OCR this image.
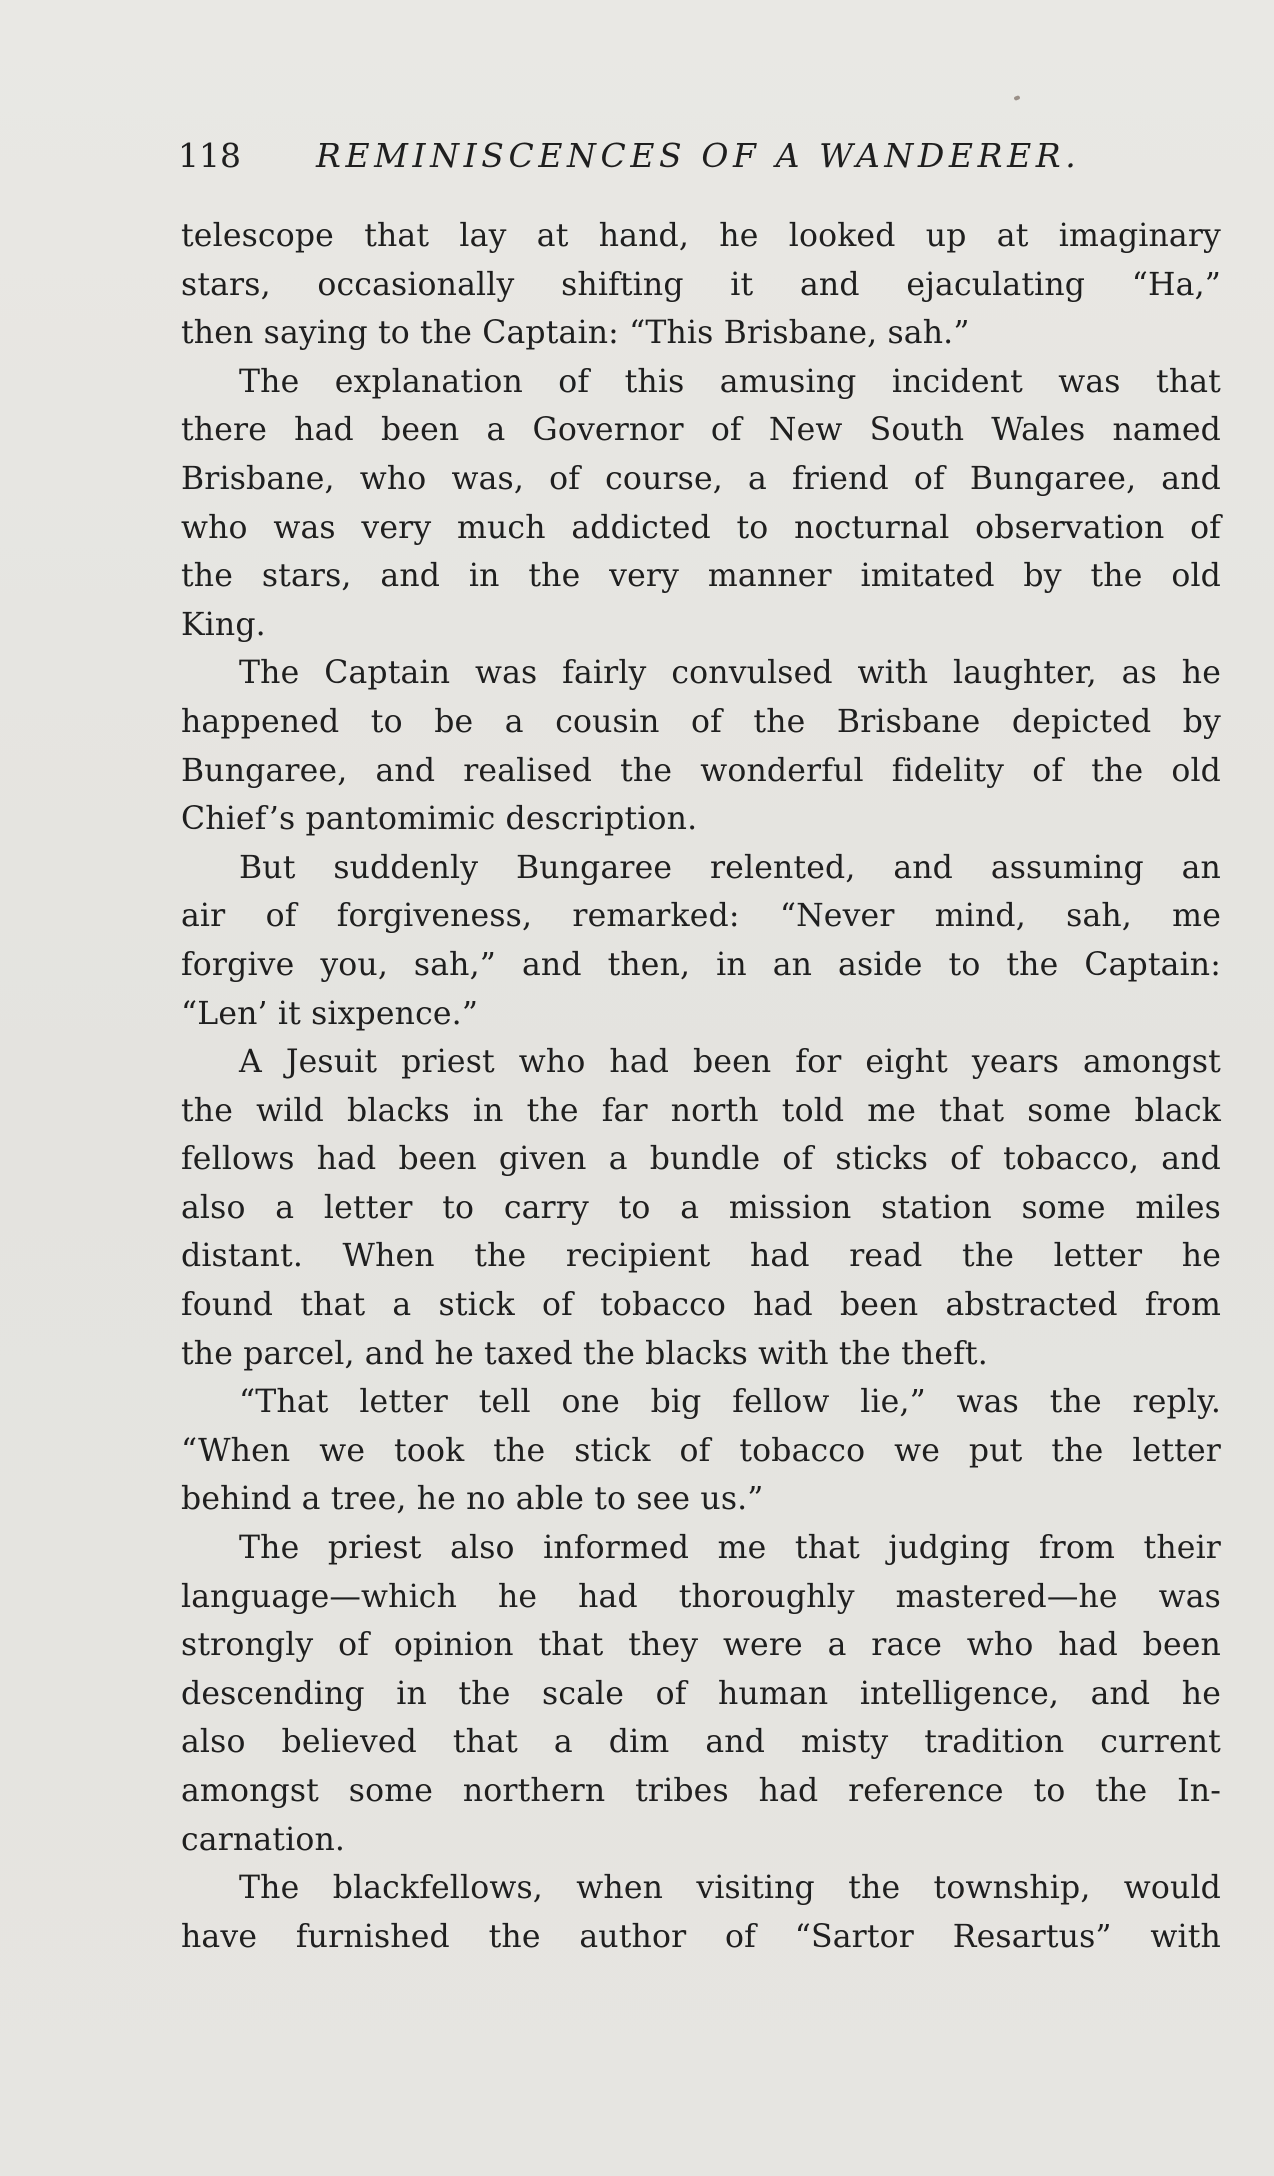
118 REMINISCENCES OF A WANDERER.
telescope that lay at hand, he looked up at imaginary
stars, occasionally shifting it and ejaculating “Ha,”
then saying to the Captain: “This Brisbane, sah.”
The explanation of this amusing incident was that
there had been a Governor of New South Wales named
Brisbane, who was, of course, a friend of Bungaree, and
who was very much addicted to nocturnal observation of
the stars, and in the very manner imitated by the old
King.
The Captain was fairly convulsed with laughter, as he
happened to be a cousin of the Brisbane depicted by
Bungaree, and realised the wonderful fidelity of the old
Chief’s pantomimic description.
But suddenly Bungaree relented, and assuming an
air of forgiveness, remarked: “Never mind, sah, me
forgive you, sah,” and then, in an aside to the Captain:
“Len’ it sixpence.”
A Jesuit priest who had been for eight years amongst
the wild blacks in the far north told me that some black
fellows had been given a bundle of sticks of tobacco, and
also a letter to carry to a mission station some miles
distant. When the recipient had read the letter he
found that a stick of tobacco had been abstracted from
the parcel, and he taxed the blacks with the theft.
“That letter tell one big fellow lie,” was the reply.
“When we took the stick of tobacco we put the letter
behind a tree, he no able to see us.”
The priest also informed me that judging from their
language—which he had thoroughly mastered—he was
strongly of opinion that they were a race who had been
descending in the scale of human intelligence, and he
also believed that a dim and misty tradition current
amongst some northern tribes had reference to the In-
carnation.
The blackfellows, when visiting the township, would
have furnished the author of “Sartor Resartus” with
